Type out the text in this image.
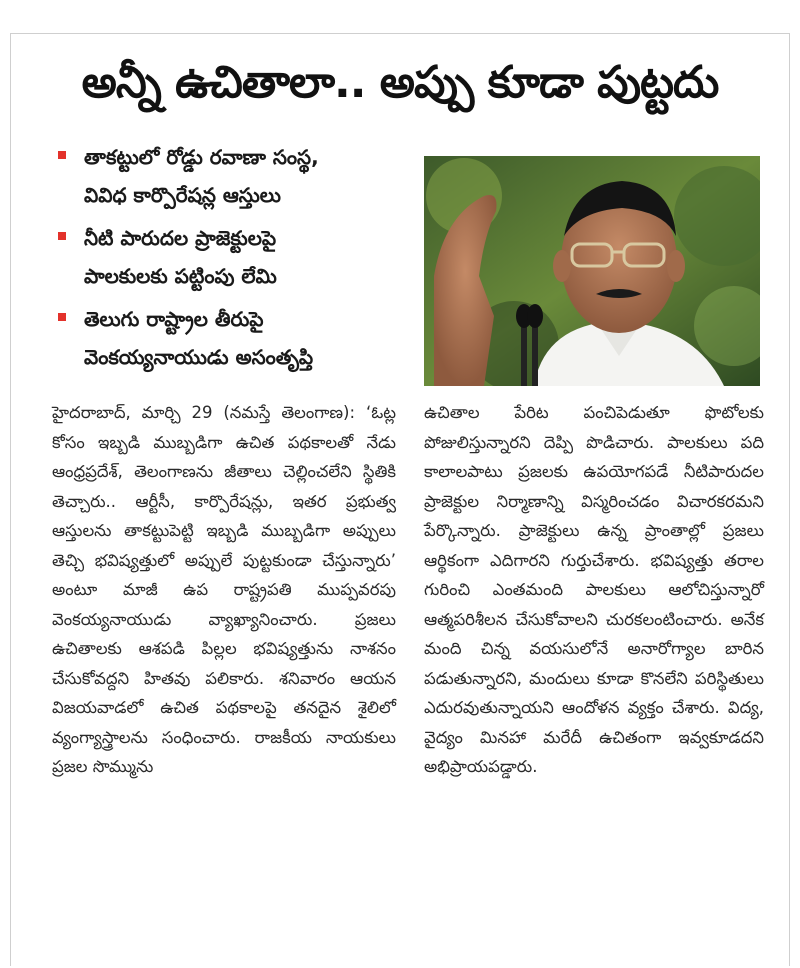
అన్నీ ఉచితాలా.. అప్పు కూడా పుట్టదు
తాకట్టులో రోడ్డు రవాణా సంస్థ,
వివిధ కార్పొరేషన్ల ఆస్తులు
నీటి పారుదల ప్రాజెక్టులపై
పాలకులకు పట్టింపు లేమి
తెలుగు రాష్ట్రాల తీరుపై
వెంకయ్యనాయుడు అసంతృప్తి

హైదరాబాద్, మార్చి 29 (నమస్తే తెలంగాణ): ‘ఓట్ల కోసం ఇబ్బడి ముబ్బడిగా ఉచిత పథకాలతో నేడు ఆంధ్రప్రదేశ్, తెలంగాణను జీతాలు చెల్లించలేని స్థితికి తెచ్చారు.. ఆర్టీసీ, కార్పొరేషన్లు, ఇతర ప్రభుత్వ ఆస్తులను తాకట్టుపెట్టి ఇబ్బడి ముబ్బడిగా అప్పులు తెచ్చి భవిష్యత్తులో అప్పులే పుట్టకుండా చేస్తున్నారు’ అంటూ మాజీ ఉప రాష్ట్రపతి ముప్పవరపు వెంకయ్యనాయుడు వ్యాఖ్యానించారు. ప్రజలు ఉచితాలకు ఆశపడి పిల్లల భవిష్యత్తును నాశనం చేసుకోవద్దని హితవు పలికారు. శనివారం ఆయన విజయవాడలో ఉచిత పథకాలపై తనదైన శైలిలో వ్యంగ్యాస్త్రాలను సంధించారు. రాజకీయ నాయకులు ప్రజల సొమ్మును

ఉచితాల పేరిట పంచిపెడుతూ ఫొటోలకు పోజులిస్తున్నారని దెప్పి పొడిచారు. పాలకులు పది కాలాలపాటు ప్రజలకు ఉపయోగపడే నీటిపారుదల ప్రాజెక్టుల నిర్మాణాన్ని విస్మరించడం విచారకరమని పేర్కొన్నారు. ప్రాజెక్టులు ఉన్న ప్రాంతాల్లో ప్రజలు ఆర్థికంగా ఎదిగారని గుర్తుచేశారు. భవిష్యత్తు తరాల గురించి ఎంతమంది పాలకులు ఆలోచిస్తున్నారో ఆత్మపరిశీలన చేసుకోవాలని చురకలంటించారు. అనేక మంది చిన్న వయసులోనే అనారోగ్యాల బారిన పడుతున్నారని, మందులు కూడా కొనలేని పరిస్థితులు ఎదురవుతున్నాయని ఆందోళన వ్యక్తం చేశారు. విద్య, వైద్యం మినహా మరేదీ ఉచితంగా ఇవ్వకూడదని అభిప్రాయపడ్డారు.
